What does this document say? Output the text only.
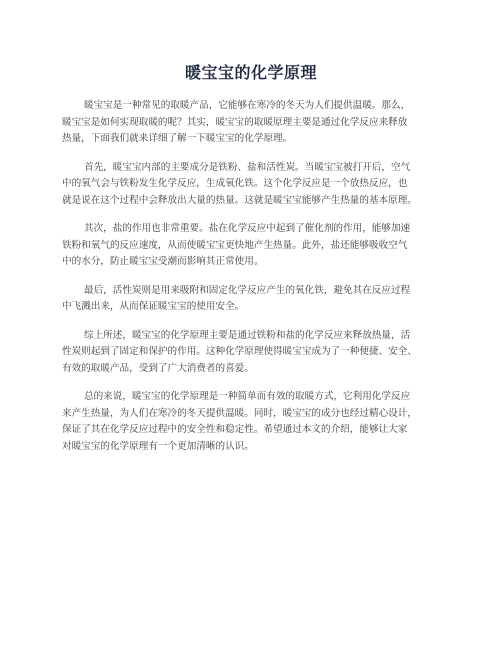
暖宝宝的化学原理

暖宝宝是一种常见的取暖产品，它能够在寒冷的冬天为人们提供温暖。那么，
暖宝宝是如何实现取暖的呢？其实，暖宝宝的取暖原理主要是通过化学反应来释放
热量，下面我们就来详细了解一下暖宝宝的化学原理。

首先，暖宝宝内部的主要成分是铁粉、盐和活性炭。当暖宝宝被打开后，空气
中的氧气会与铁粉发生化学反应，生成氧化铁。这个化学反应是一个放热反应，也
就是说在这个过程中会释放出大量的热量。这就是暖宝宝能够产生热量的基本原理。

其次，盐的作用也非常重要。盐在化学反应中起到了催化剂的作用，能够加速
铁粉和氧气的反应速度，从而使暖宝宝更快地产生热量。此外，盐还能够吸收空气
中的水分，防止暖宝宝受潮而影响其正常使用。

最后，活性炭则是用来吸附和固定化学反应产生的氧化铁，避免其在反应过程
中飞溅出来，从而保证暖宝宝的使用安全。

综上所述，暖宝宝的化学原理主要是通过铁粉和盐的化学反应来释放热量，活
性炭则起到了固定和保护的作用。这种化学原理使得暖宝宝成为了一种便捷、安全、
有效的取暖产品，受到了广大消费者的喜爱。

总的来说，暖宝宝的化学原理是一种简单而有效的取暖方式，它利用化学反应
来产生热量，为人们在寒冷的冬天提供温暖。同时，暖宝宝的成分也经过精心设计，
保证了其在化学反应过程中的安全性和稳定性。希望通过本文的介绍，能够让大家
对暖宝宝的化学原理有一个更加清晰的认识。
